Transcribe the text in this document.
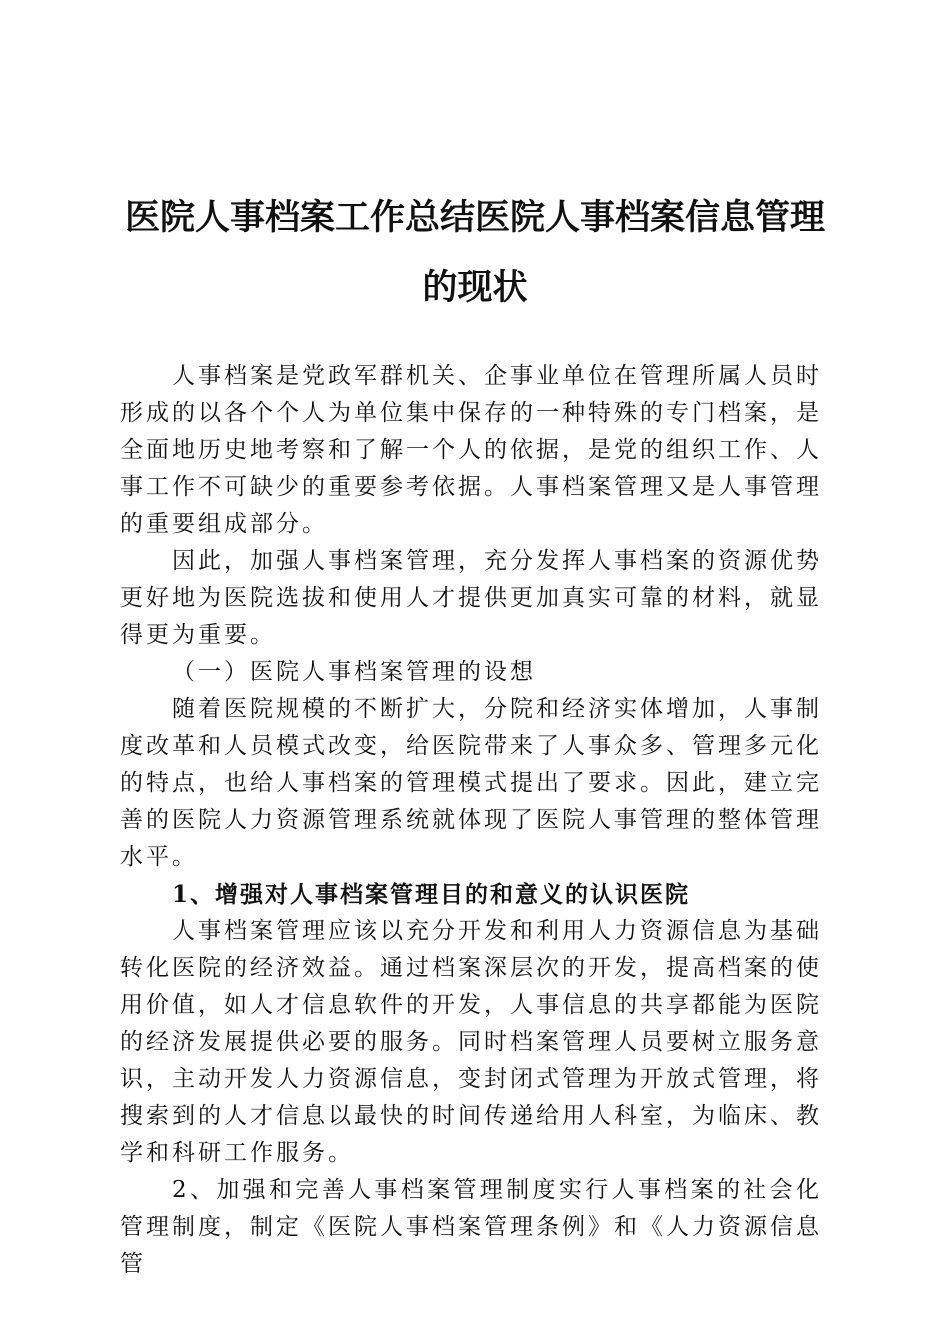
医院人事档案工作总结医院人事档案信息管理
的现状

人事档案是党政军群机关、企事业单位在管理所属人员时形成的以各个个人为单位集中保存的一种特殊的专门档案，是全面地历史地考察和了解一个人的依据，是党的组织工作、人事工作不可缺少的重要参考依据。人事档案管理又是人事管理的重要组成部分。

因此，加强人事档案管理，充分发挥人事档案的资源优势更好地为医院选拔和使用人才提供更加真实可靠的材料，就显得更为重要。

（一）医院人事档案管理的设想

随着医院规模的不断扩大，分院和经济实体增加，人事制度改革和人员模式改变，给医院带来了人事众多、管理多元化的特点，也给人事档案的管理模式提出了要求。因此，建立完善的医院人力资源管理系统就体现了医院人事管理的整体管理水平。

1、增强对人事档案管理目的和意义的认识医院

人事档案管理应该以充分开发和利用人力资源信息为基础转化医院的经济效益。通过档案深层次的开发，提高档案的使用价值，如人才信息软件的开发，人事信息的共享都能为医院的经济发展提供必要的服务。同时档案管理人员要树立服务意识，主动开发人力资源信息，变封闭式管理为开放式管理，将搜索到的人才信息以最快的时间传递给用人科室，为临床、教学和科研工作服务。

2、加强和完善人事档案管理制度实行人事档案的社会化管理制度，制定《医院人事档案管理条例》和《人力资源信息管
